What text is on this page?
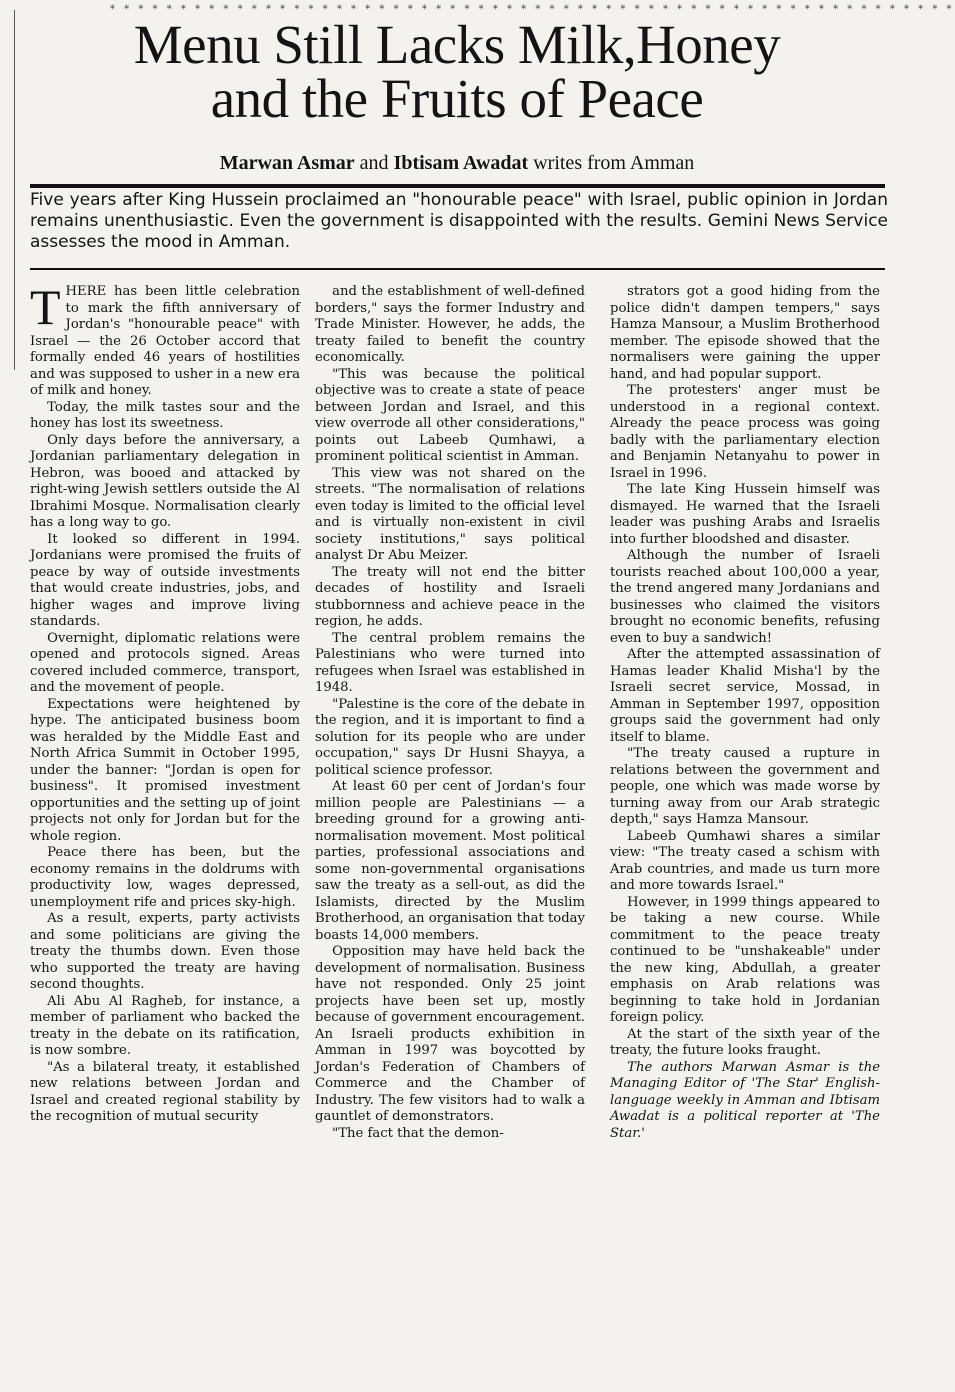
* * * * * * * * * * * * * * * * * * * * * * * * * * * * * * * * * * * * * * * * * * * * * * * * * * * * * * * * * * * *
Menu Still Lacks Milk,Honey
and the Fruits of Peace
Marwan Asmar and Ibtisam Awadat writes from Amman

Five years after King Hussein proclaimed an "honourable peace" with Israel, public opinion in Jordan remains unenthusiastic. Even the government is disappointed with the results. Gemini News Service assesses the mood in Amman.

THERE has been little celebration to mark the fifth anniversary of Jordan's "honourable peace" with Israel — the 26 October accord that formally ended 46 years of hostilities and was supposed to usher in a new era of milk and honey.

Today, the milk tastes sour and the honey has lost its sweetness.

Only days before the anniversary, a Jordanian parliamentary delegation in Hebron, was booed and attacked by right-wing Jewish settlers outside the Al Ibrahimi Mosque. Normalisation clearly has a long way to go.

It looked so different in 1994. Jordanians were promised the fruits of peace by way of outside investments that would create industries, jobs, and higher wages and improve living standards.

Overnight, diplomatic relations were opened and protocols signed. Areas covered included commerce, transport, and the movement of people.

Expectations were heightened by hype. The anticipated business boom was heralded by the Middle East and North Africa Summit in October 1995, under the banner: "Jordan is open for business". It promised investment opportunities and the setting up of joint projects not only for Jordan but for the whole region.

Peace there has been, but the economy remains in the doldrums with productivity low, wages depressed, unemployment rife and prices sky-high.

As a result, experts, party activists and some politicians are giving the treaty the thumbs down. Even those who supported the treaty are having second thoughts.

Ali Abu Al Ragheb, for instance, a member of parliament who backed the treaty in the debate on its ratification, is now sombre.

"As a bilateral treaty, it established new relations between Jordan and Israel and created regional stability by the recognition of mutual security

and the establishment of well-defined borders," says the former Industry and Trade Minister. However, he adds, the treaty failed to benefit the country economically.

"This was because the political objective was to create a state of peace between Jordan and Israel, and this view overrode all other considerations," points out Labeeb Qumhawi, a prominent political scientist in Amman.

This view was not shared on the streets. "The normalisation of relations even today is limited to the official level and is virtually non-existent in civil society institutions," says political analyst Dr Abu Meizer.

The treaty will not end the bitter decades of hostility and Israeli stubbornness and achieve peace in the region, he adds.

The central problem remains the Palestinians who were turned into refugees when Israel was established in 1948.

"Palestine is the core of the debate in the region, and it is important to find a solution for its people who are under occupation," says Dr Husni Shayya, a political science professor.

At least 60 per cent of Jordan's four million people are Palestinians — a breeding ground for a growing anti-normalisation movement. Most political parties, professional associations and some non-governmental organisations saw the treaty as a sell-out, as did the Islamists, directed by the Muslim Brotherhood, an organisation that today boasts 14,000 members.

Opposition may have held back the development of normalisation. Business have not responded. Only 25 joint projects have been set up, mostly because of government encouragement. An Israeli products exhibition in Amman in 1997 was boycotted by Jordan's Federation of Chambers of Commerce and the Chamber of Industry. The few visitors had to walk a gauntlet of demonstrators.

"The fact that the demon-

strators got a good hiding from the police didn't dampen tempers," says Hamza Mansour, a Muslim Brotherhood member. The episode showed that the normalisers were gaining the upper hand, and had popular support.

The protesters' anger must be understood in a regional context. Already the peace process was going badly with the parliamentary election and Benjamin Netanyahu to power in Israel in 1996.

The late King Hussein himself was dismayed. He warned that the Israeli leader was pushing Arabs and Israelis into further bloodshed and disaster.

Although the number of Israeli tourists reached about 100,000 a year, the trend angered many Jordanians and businesses who claimed the visitors brought no economic benefits, refusing even to buy a sandwich!

After the attempted assassination of Hamas leader Khalid Misha'l by the Israeli secret service, Mossad, in Amman in September 1997, opposition groups said the government had only itself to blame.

"The treaty caused a rupture in relations between the government and people, one which was made worse by turning away from our Arab strategic depth," says Hamza Mansour.

Labeeb Qumhawi shares a similar view: "The treaty cased a schism with Arab countries, and made us turn more and more towards Israel."

However, in 1999 things appeared to be taking a new course. While commitment to the peace treaty continued to be "unshakeable" under the new king, Abdullah, a greater emphasis on Arab relations was beginning to take hold in Jordanian foreign policy.

At the start of the sixth year of the treaty, the future looks fraught.

The authors Marwan Asmar is the Managing Editor of 'The Star' English-language weekly in Amman and Ibtisam Awadat is a political reporter at 'The Star.'
